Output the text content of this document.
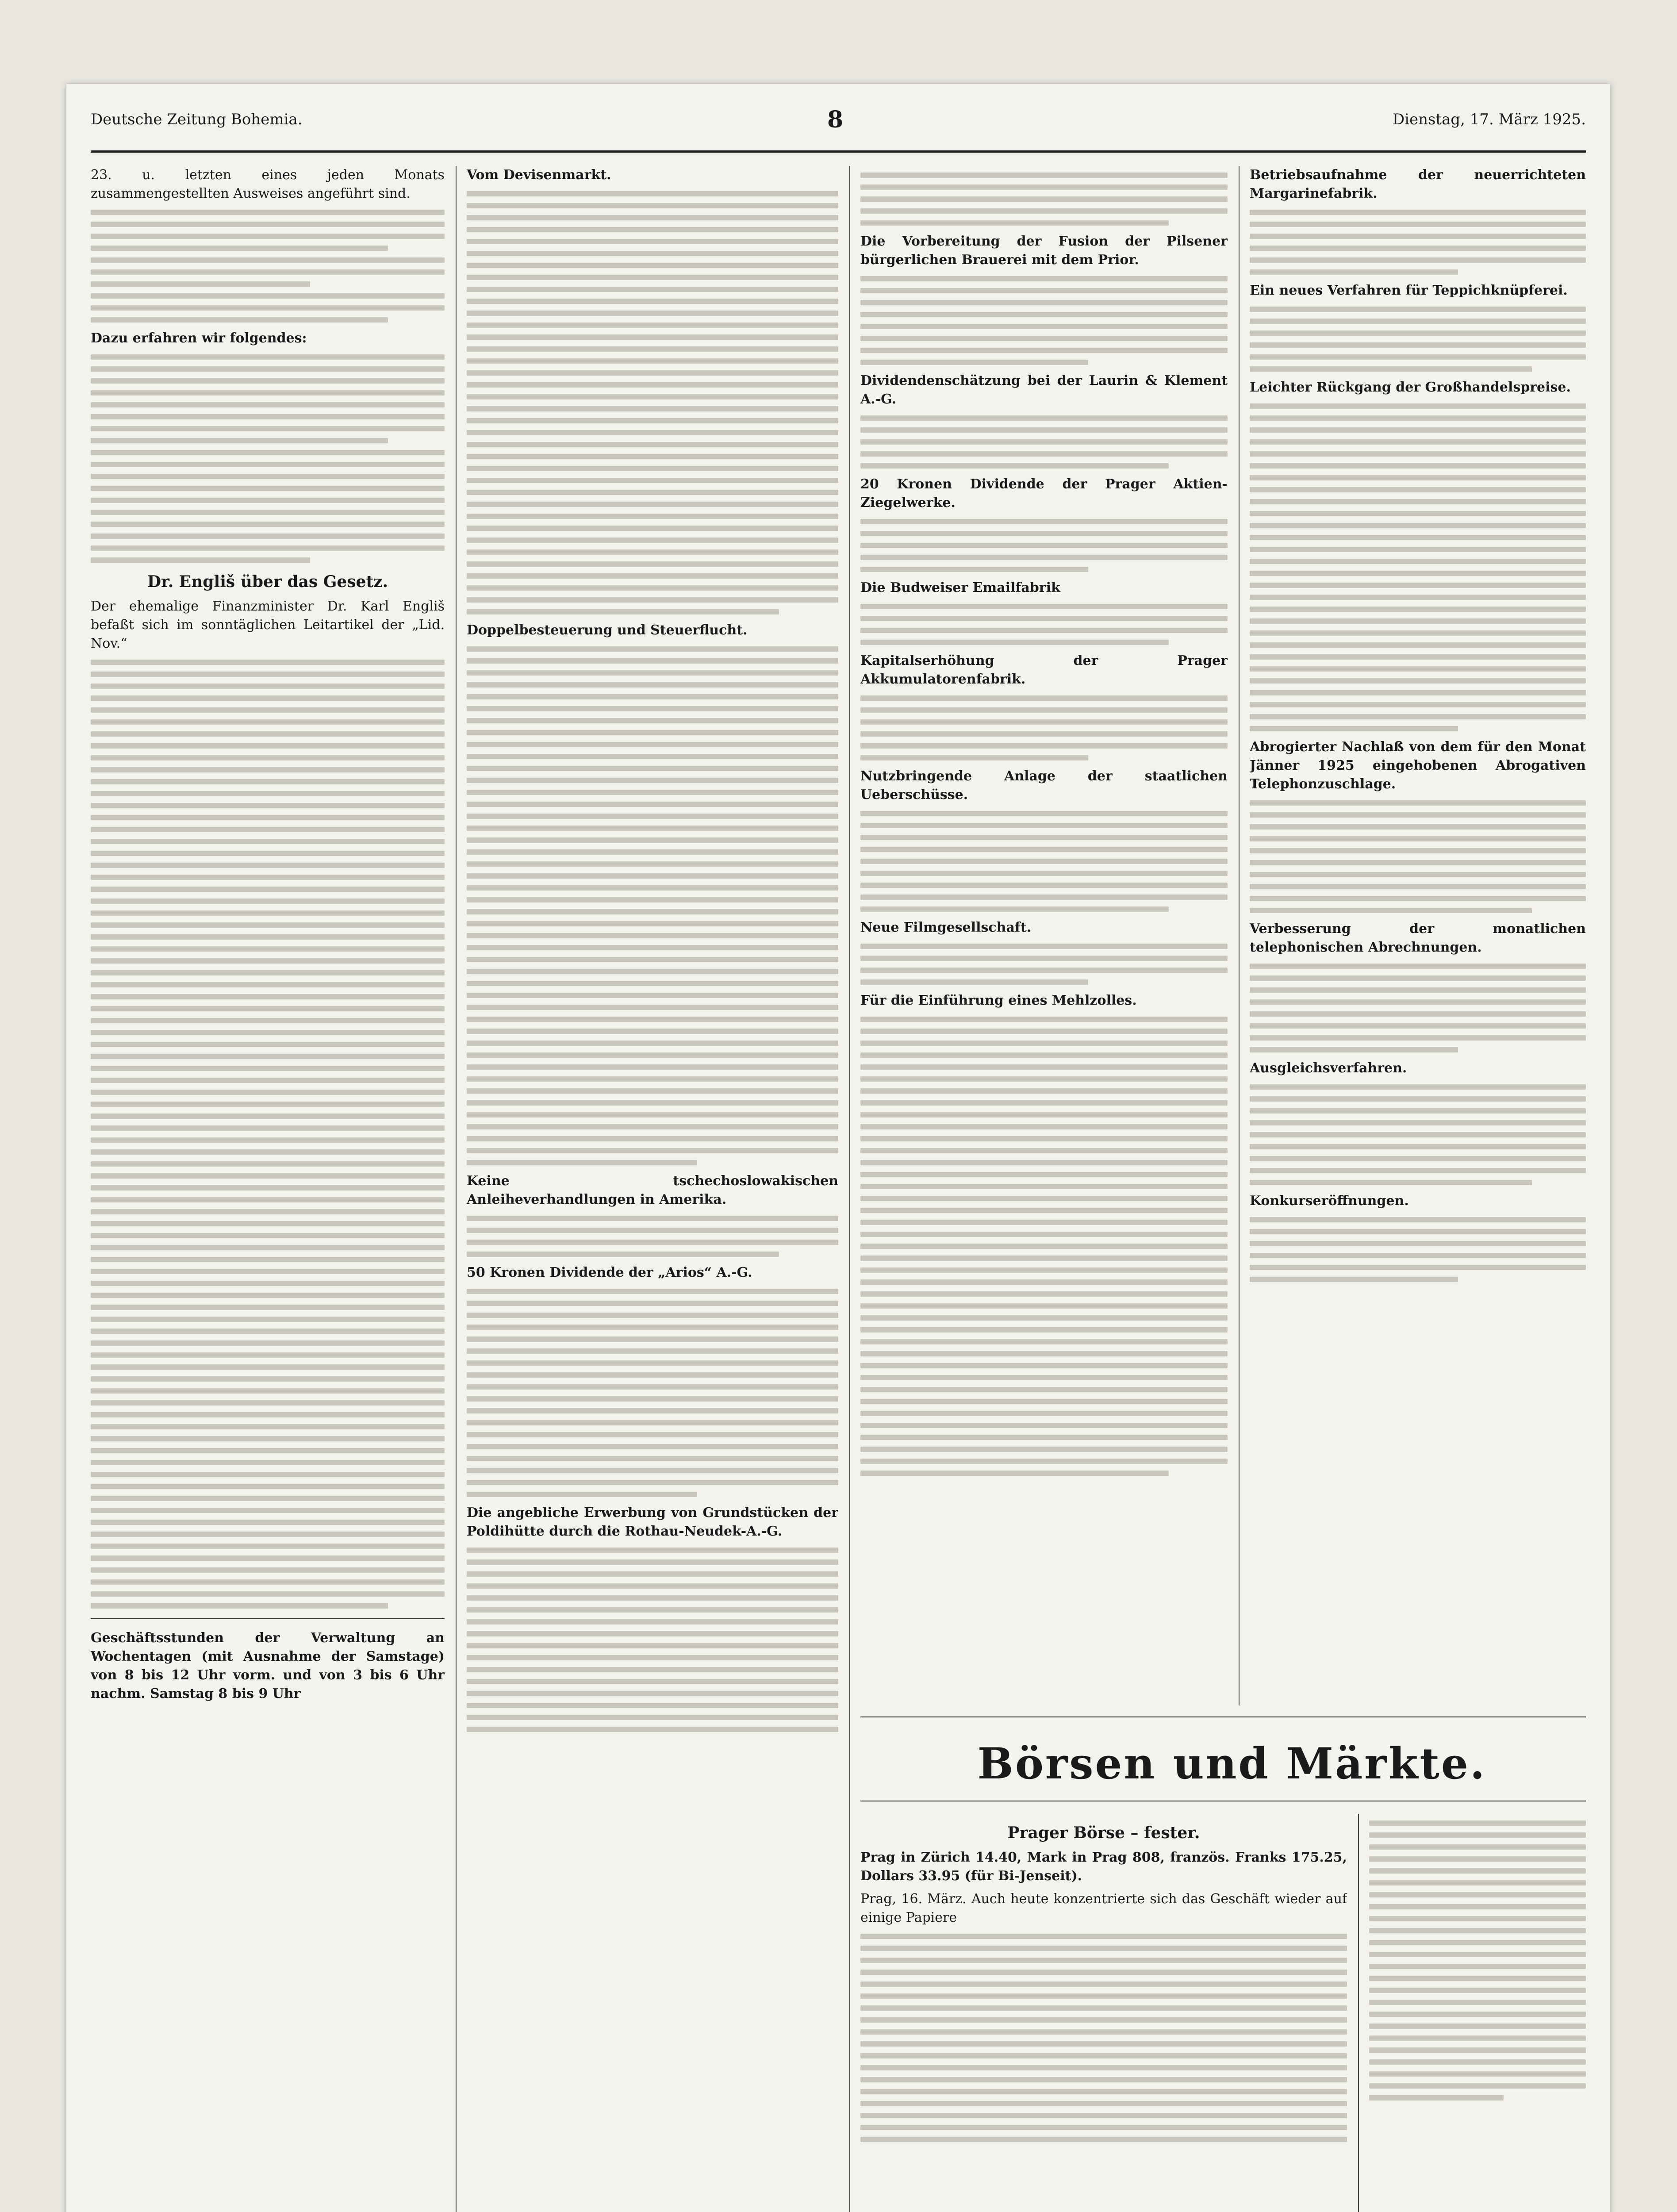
Deutsche Zeitung Bohemia.	8	Dienstag, 17. März 1925.

23. u. letzten eines jeden Monats zusammengestellten Ausweises angeführt sind.

Dazu erfahren wir folgendes:

Dr. Engliš über das Gesetz.

Der ehemalige Finanzminister Dr. Karl Engliš befaßt sich im sonntäglichen Leitartikel der „Lid. Nov.“

Geschäftsstunden der Verwaltung an Wochentagen (mit Ausnahme der Samstage) von 8 bis 12 Uhr vorm. und von 3 bis 6 Uhr nachm. Samstag 8 bis 9 Uhr

Vom Devisenmarkt.

Doppelbesteuerung und Steuerflucht.

Keine tschechoslowakischen Anleiheverhandlungen in Amerika.

50 Kronen Dividende der „Arios“ A.-G.

Die angebliche Erwerbung von Grundstücken der Poldihütte durch die Rothau-Neudek-A.-G.

Die Vorbereitung der Fusion der Pilsener bürgerlichen Brauerei mit dem Prior.

Dividendenschätzung bei der Laurin & Klement A.-G.

20 Kronen Dividende der Prager Aktien-Ziegelwerke.

Die Budweiser Emailfabrik

Kapitalserhöhung der Prager Akkumulatorenfabrik.

Nutzbringende Anlage der staatlichen Ueberschüsse.

Neue Filmgesellschaft.

Für die Einführung eines Mehlzolles.

Betriebsaufnahme der neuerrichteten Margarinefabrik.

Ein neues Verfahren für Teppichknüpferei.

Leichter Rückgang der Großhandelspreise.

Abrogierter Nachlaß von dem für den Monat Jänner 1925 eingehobenen Abrogativen Telephonzuschlage.

Verbesserung der monatlichen telephonischen Abrechnungen.

Ausgleichsverfahren.

Konkurseröffnungen.

Börsen und Märkte.
Prager Börse – fester.

Prag in Zürich 14.40, Mark in Prag 808, französ. Franks 175.25, Dollars 33.95 (für Bi-Jenseit).

Prag, 16. März. Auch heute konzentrierte sich das Geschäft wieder auf einige Papiere
